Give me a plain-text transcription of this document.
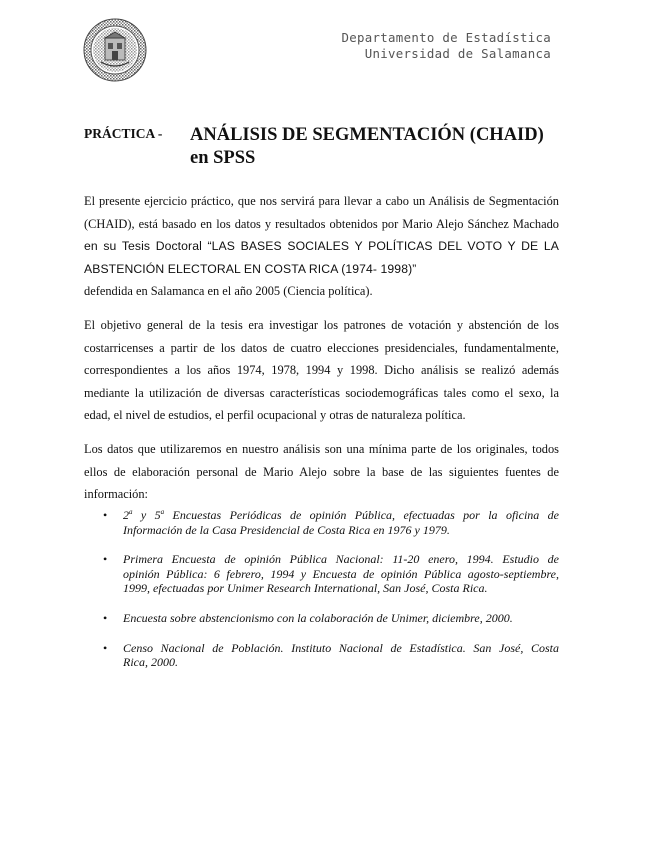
Departamento de Estadística
Universidad de Salamanca
PRÁCTICA - ANÁLISIS DE SEGMENTACIÓN (CHAID)
en SPSS
El presente ejercicio práctico, que nos servirá para llevar a cabo un Análisis de Segmentación
(CHAID), está basado en los datos y resultados obtenidos por Mario Alejo Sánchez Machado
en su Tesis Doctoral “LAS BASES SOCIALES Y POLÍTICAS DEL VOTO Y DE LA
ABSTENCIÓN ELECTORAL EN COSTA RICA (1974- 1998)”
defendida en Salamanca en el año 2005 (Ciencia política).
El objetivo general de la tesis era investigar los patrones de votación y abstención de los
costarricenses a partir de los datos de cuatro elecciones presidenciales, fundamentalmente,
correspondientes a los años 1974, 1978, 1994 y 1998. Dicho análisis se realizó además
mediante la utilización de diversas características sociodemográficas tales como el sexo, la
edad, el nivel de estudios, el perfil ocupacional y otras de naturaleza política.
Los datos que utilizaremos en nuestro análisis son una mínima parte de los originales, todos
ellos de elaboración personal de Mario Alejo sobre la base de las siguientes fuentes de
información:
• 2$^a$ y 5$^a$ Encuestas Periódicas de opinión Pública, efectuadas por la oficina de
Información de la Casa Presidencial de Costa Rica en 1976 y 1979.
• Primera Encuesta de opinión Pública Nacional: 11-20 enero, 1994. Estudio de
opinión Pública: 6 febrero, 1994 y Encuesta de opinión Pública agosto-septiembre,
1999, efectuadas por Unimer Research International, San José, Costa Rica.
• Encuesta sobre abstencionismo con la colaboración de Unimer, diciembre, 2000.
• Censo Nacional de Población. Instituto Nacional de Estadística. San José, Costa
Rica, 2000.
